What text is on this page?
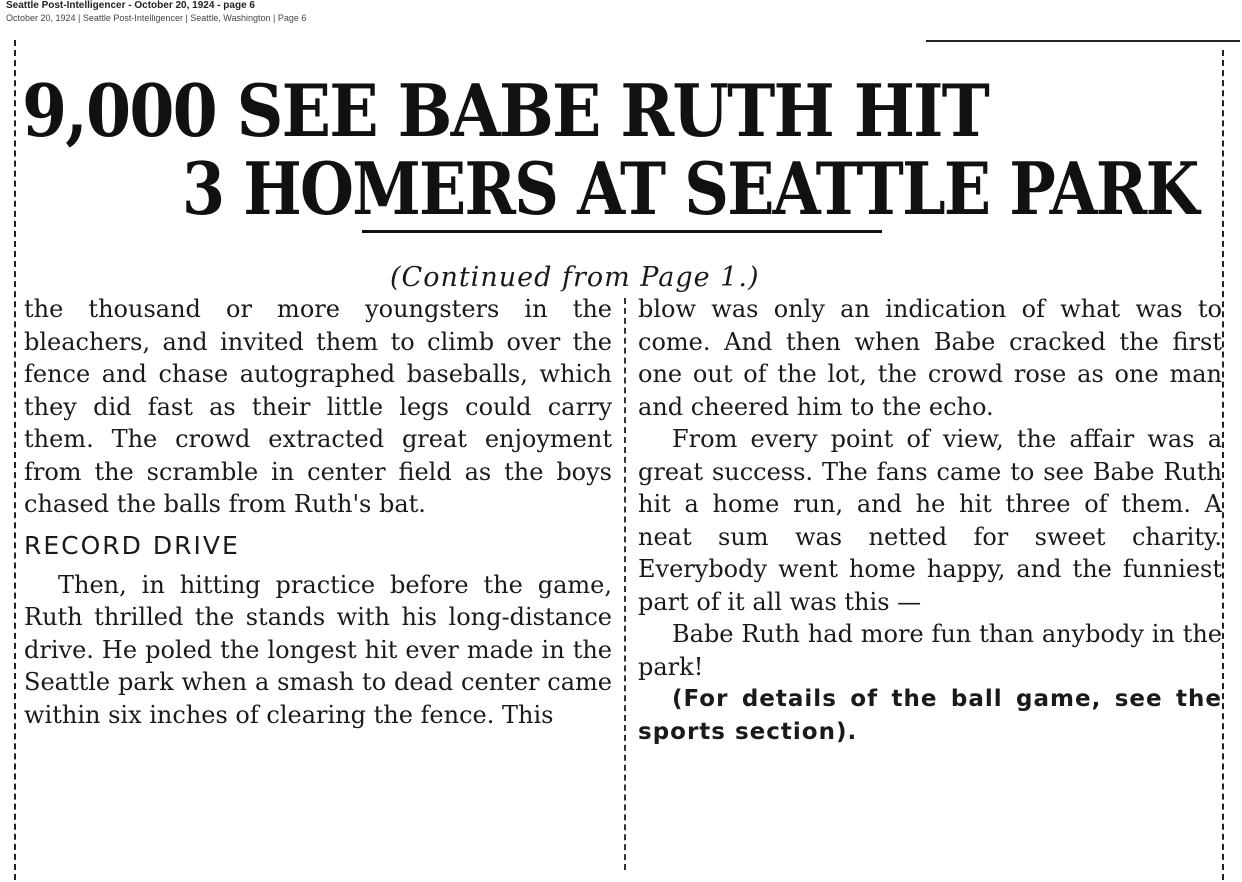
Seattle Post-Intelligencer - October 20, 1924 - page 6
October 20, 1924 | Seattle Post-Intelligencer | Seattle, Washington | Page 6
9,000 SEE BABE RUTH HIT
3 HOMERS AT SEATTLE PARK
(Continued from Page 1.)

the thousand or more youngsters in the bleachers, and invited them to climb over the fence and chase autographed baseballs, which they did fast as their little legs could carry them. The crowd extracted great enjoyment from the scramble in center field as the boys chased the balls from Ruth's bat.

RECORD DRIVE

Then, in hitting practice before the game, Ruth thrilled the stands with his long-distance drive. He poled the longest hit ever made in the Seattle park when a smash to dead center came within six inches of clearing the fence. This

blow was only an indication of what was to come. And then when Babe cracked the first one out of the lot, the crowd rose as one man and cheered him to the echo.

From every point of view, the affair was a great success. The fans came to see Babe Ruth hit a home run, and he hit three of them. A neat sum was netted for sweet charity. Everybody went home happy, and the funniest part of it all was this —

Babe Ruth had more fun than anybody in the park!

(For details of the ball game, see the sports section).
